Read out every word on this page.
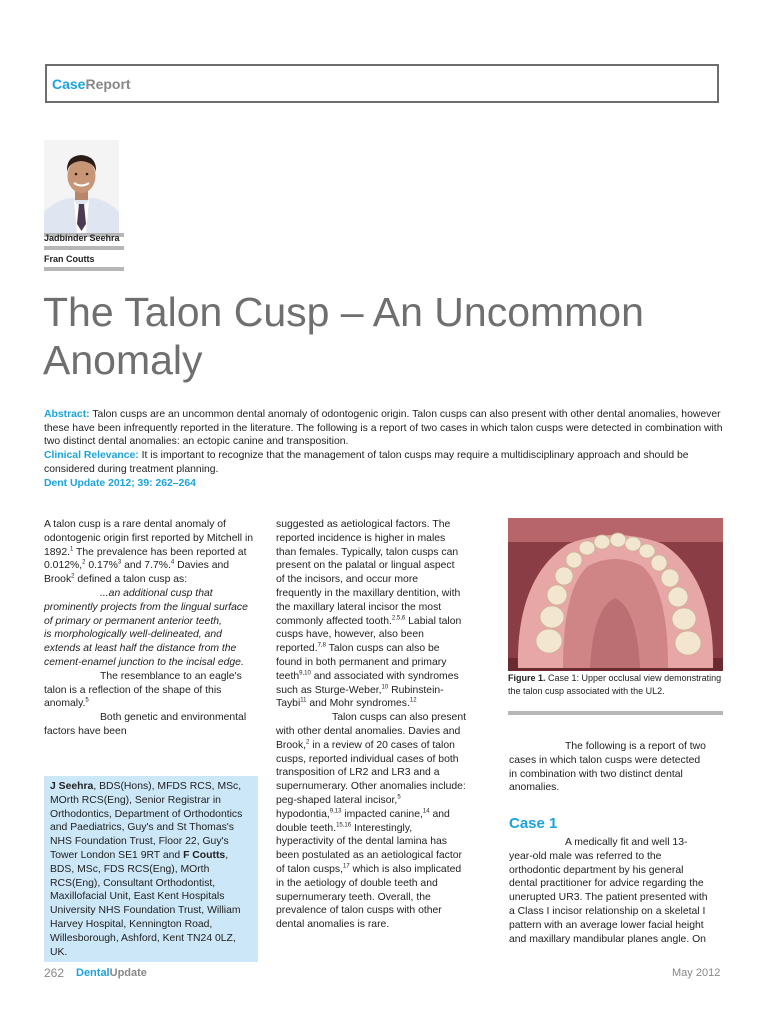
CaseReport
Jadbinder Seehra
Fran Coutts
The Talon Cusp – An Uncommon Anomaly

Abstract: Talon cusps are an uncommon dental anomaly of odontogenic origin. Talon cusps can also present with other dental anomalies, however these have been infrequently reported in the literature. The following is a report of two cases in which talon cusps were detected in combination with two distinct dental anomalies: an ectopic canine and transposition.

Clinical Relevance: It is important to recognize that the management of talon cusps may require a multidisciplinary approach and should be considered during treatment planning.

Dent Update 2012; 39: 262–264

A talon cusp is a rare dental anomaly of odontogenic origin first reported by Mitchell in 1892.$^1$ The prevalence has been reported at 0.012%,$^2$ 0.17%$^3$ and 7.7%.$^4$ Davies and Brook$^2$ defined a talon cusp as:

...an additional cusp that
prominently projects from the lingual surface
of primary or permanent anterior teeth,
is morphologically well-delineated, and
extends at least half the distance from the
cement-enamel junction to the incisal edge.

The resemblance to an eagle's talon is a reflection of the shape of this anomaly.$^5$

Both genetic and environmental factors have been

J Seehra, BDS(Hons), MFDS RCS, MSc, MOrth RCS(Eng), Senior Registrar in Orthodontics, Department of Orthodontics and Paediatrics, Guy's and St Thomas's NHS Foundation Trust, Floor 22, Guy's Tower London SE1 9RT and F Coutts, BDS, MSc, FDS RCS(Eng), MOrth RCS(Eng), Consultant Orthodontist, Maxillofacial Unit, East Kent Hospitals University NHS Foundation Trust, William Harvey Hospital, Kennington Road, Willesborough, Ashford, Kent TN24 0LZ, UK.

suggested as aetiological factors. The reported incidence is higher in males than females. Typically, talon cusps can present on the palatal or lingual aspect of the incisors, and occur more frequently in the maxillary dentition, with the maxillary lateral incisor the most commonly affected tooth.$^{2,5,6}$ Labial talon cusps have, however, also been reported.$^{7,8}$ Talon cusps can also be found in both permanent and primary teeth$^{9,10}$ and associated with syndromes such as Sturge-Weber,$^{10}$ Rubinstein-Taybi$^{11}$ and Mohr syndromes.$^{12}$

Talon cusps can also present with other dental anomalies. Davies and Brook,$^2$ in a review of 20 cases of talon cusps, reported individual cases of both transposition of LR2 and LR3 and a supernumerary. Other anomalies include: peg-shaped lateral incisor,$^5$ hypodontia,$^{9,13}$ impacted canine,$^{14}$ and double teeth.$^{15,16}$ Interestingly, hyperactivity of the dental lamina has been postulated as an aetiological factor of talon cusps,$^{17}$ which is also implicated in the aetiology of double teeth and supernumerary teeth. Overall, the prevalence of talon cusps with other dental anomalies is rare.

Figure 1. Case 1: Upper occlusal view demonstrating the talon cusp associated with the UL2.

The following is a report of two cases in which talon cusps were detected in combination with two distinct dental anomalies.

Case 1

A medically fit and well 13-year-old male was referred to the orthodontic department by his general dental practitioner for advice regarding the unerupted UR3. The patient presented with a Class I incisor relationship on a skeletal I pattern with an average lower facial height and maxillary mandibular planes angle. On

262 DentalUpdate	May 2012
